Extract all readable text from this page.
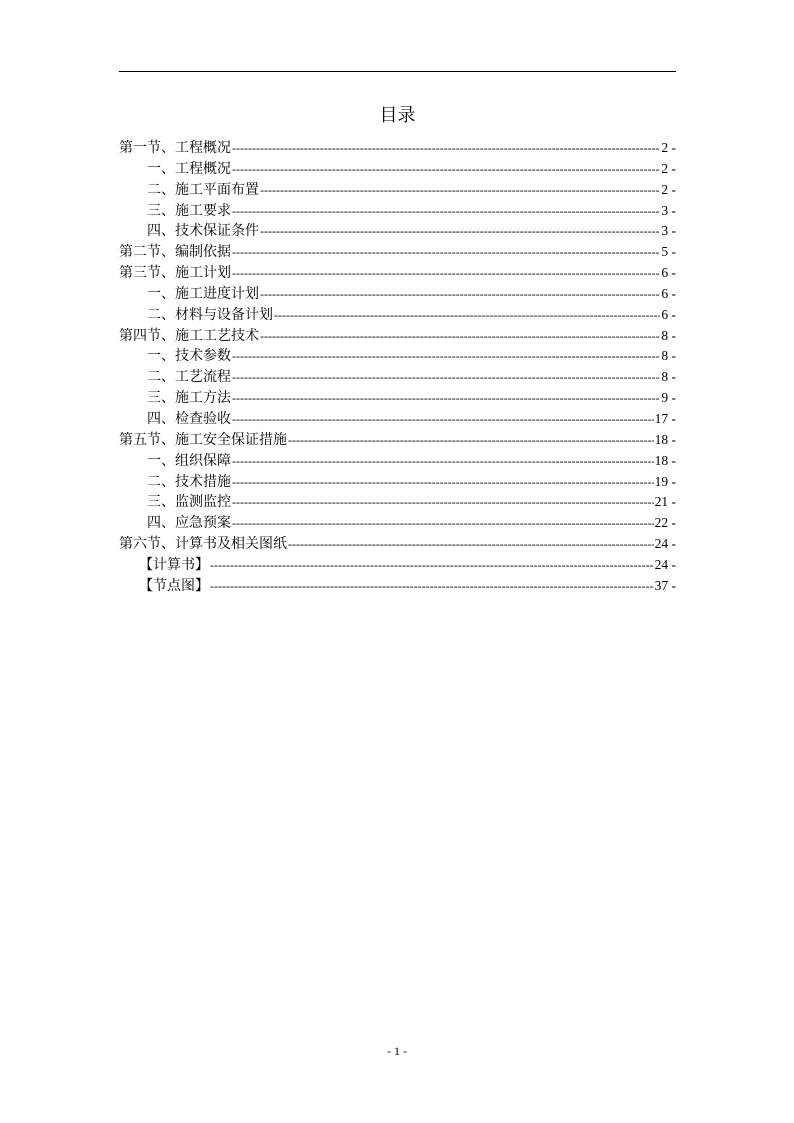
目录
第一节、工程概况 -----	2 -
一、工程概况 -----	2 -
二、施工平面布置 -----	2 -
三、施工要求 -----	3 -
四、技术保证条件 -----	3 -
第二节、编制依据 -----	5 -
第三节、施工计划 -----	6 -
一、施工进度计划 -----	6 -
二、材料与设备计划 -----	6 -
第四节、施工工艺技术 -----	8 -
一、技术参数 -----	8 -
二、工艺流程 -----	8 -
三、施工方法 -----	9 -
四、检查验收 -----	17 -
第五节、施工安全保证措施 -----	18 -
一、组织保障 -----	18 -
二、技术措施 -----	19 -
三、监测监控 -----	21 -
四、应急预案 -----	22 -
第六节、计算书及相关图纸 -----	24 -
【计算书】 -----	24 -
【节点图】 -----	37 -
- 1 -
